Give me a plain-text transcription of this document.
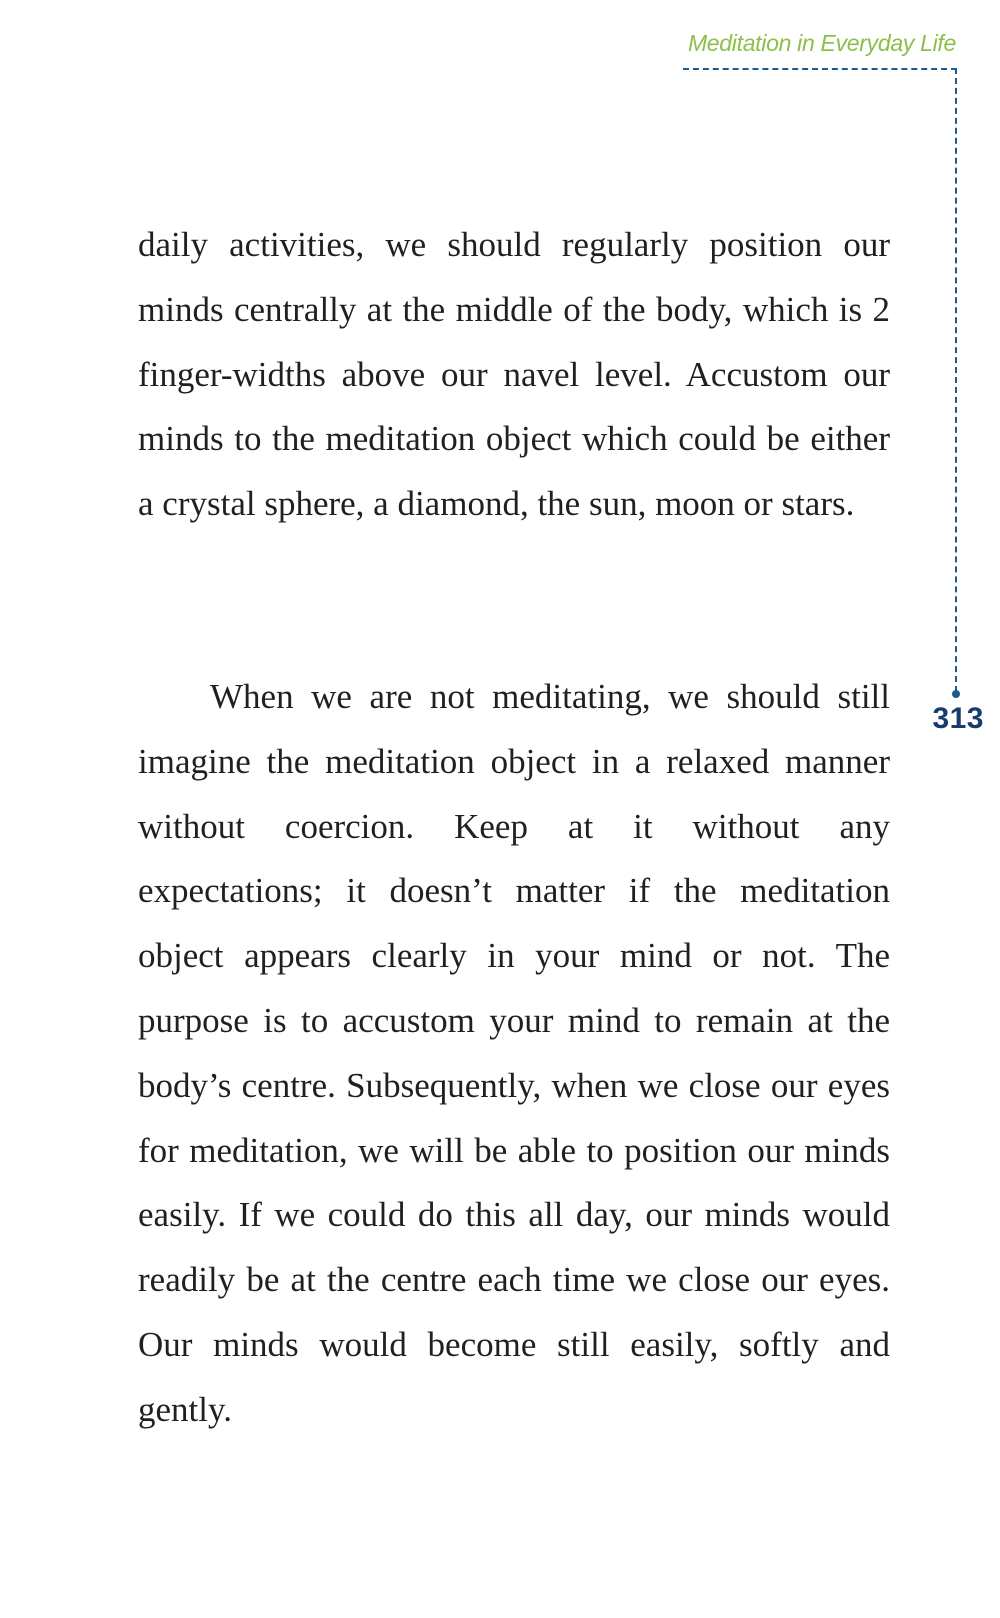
Meditation in Everyday Life
313

daily activities, we should regularly position our minds centrally at the middle of the body, which is 2 finger-widths above our navel level. Accustom our minds to the meditation object which could be either a crystal sphere, a diamond, the sun, moon or stars.

When we are not meditating, we should still imagine the meditation object in a relaxed manner without coercion. Keep at it without any expectations; it doesn’t matter if the meditation object appears clearly in your mind or not. The purpose is to accustom your mind to remain at the body’s centre. Subsequently, when we close our eyes for meditation, we will be able to position our minds easily. If we could do this all day, our minds would readily be at the centre each time we close our eyes. Our minds would become still easily, softly and gently.
